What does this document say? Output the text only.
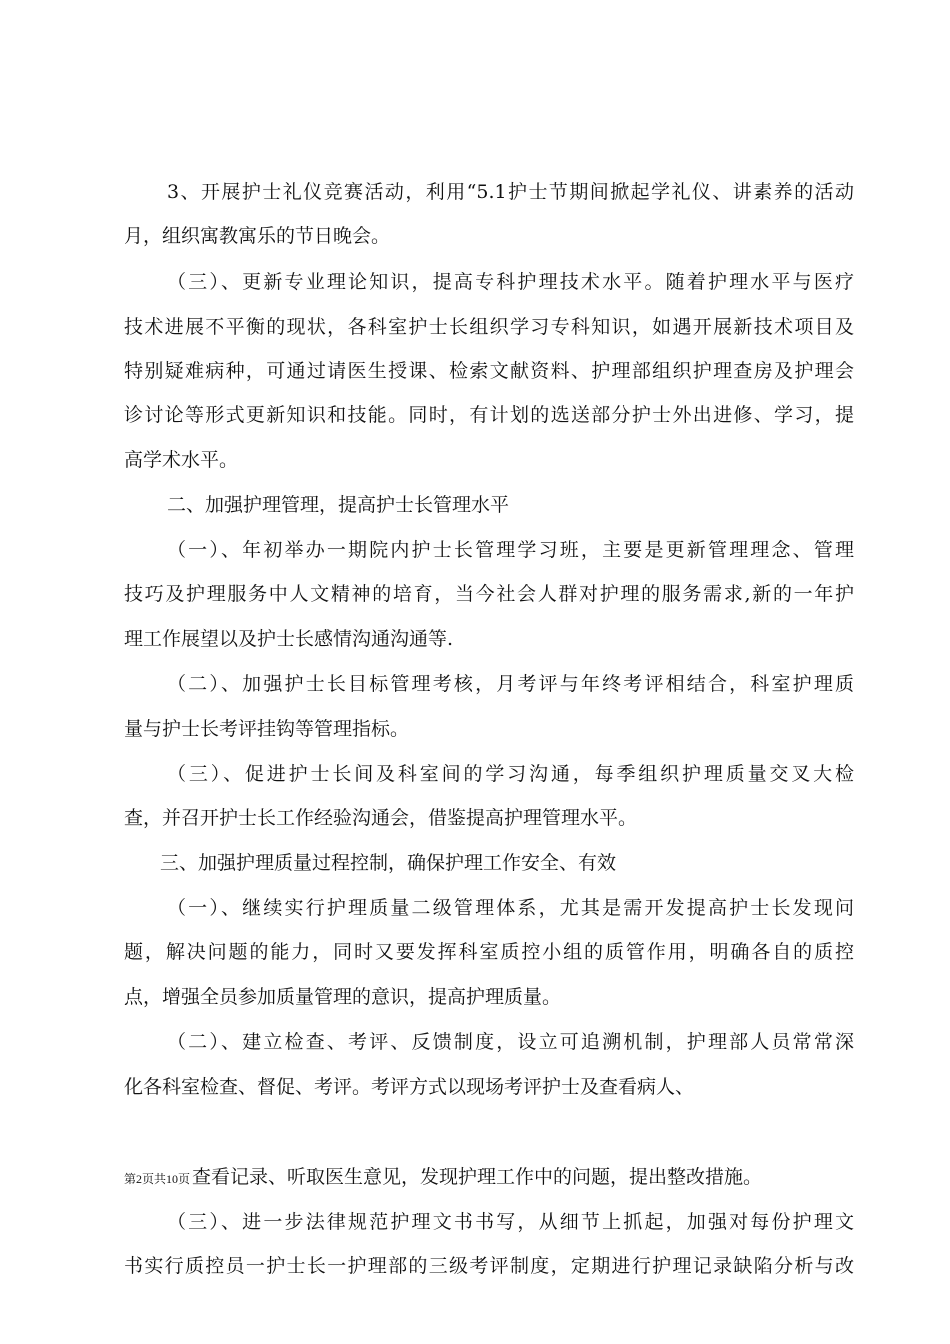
3、开展护士礼仪竞赛活动，利用“5.1护士节期间掀起学礼仪、讲素养的活动
月，组织寓教寓乐的节日晚会。
（三）、更新专业理论知识，提高专科护理技术水平。随着护理水平与医疗
技术进展不平衡的现状，各科室护士长组织学习专科知识，如遇开展新技术项目及
特别疑难病种，可通过请医生授课、检索文献资料、护理部组织护理查房及护理会
诊讨论等形式更新知识和技能。同时，有计划的选送部分护士外出进修、学习，提
高学术水平。
二、加强护理管理，提高护士长管理水平
（一）、年初举办一期院内护士长管理学习班，主要是更新管理理念、管理
技巧及护理服务中人文精神的培育，当今社会人群对护理的服务需求,新的一年护
理工作展望以及护士长感情沟通沟通等.
（二）、加强护士长目标管理考核，月考评与年终考评相结合，科室护理质
量与护士长考评挂钩等管理指标。
（三）、促进护士长间及科室间的学习沟通，每季组织护理质量交叉大检
查，并召开护士长工作经验沟通会，借鉴提高护理管理水平。
三、加强护理质量过程控制，确保护理工作安全、有效
（一）、继续实行护理质量二级管理体系，尤其是需开发提高护士长发现问
题，解决问题的能力，同时又要发挥科室质控小组的质管作用，明确各自的质控
点，增强全员参加质量管理的意识，提高护理质量。
（二）、建立检查、考评、反馈制度，设立可追溯机制，护理部人员常常深
化各科室检查、督促、考评。考评方式以现场考评护士及查看病人、
第2页共10页 查看记录、听取医生意见，发现护理工作中的问题，提出整改措施。
（三）、进一步法律规范护理文书书写，从细节上抓起，加强对每份护理文
书实行质控员一护士长一护理部的三级考评制度，定期进行护理记录缺陷分析与改
